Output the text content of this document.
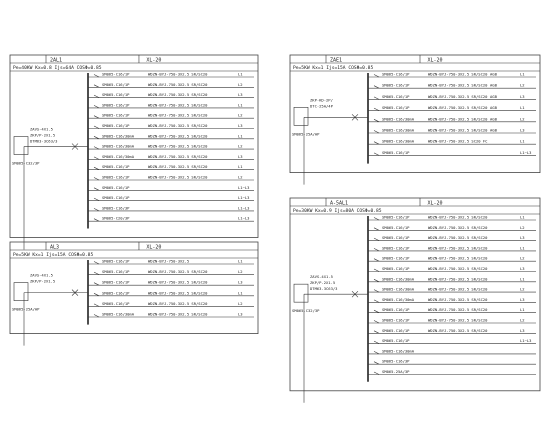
ZAE1	XL-20
Pe=5KW Kx=1 Ijs=15A COSΦ=0.85
ZKP-KD-2P/
DTC-25A/4P
SM065-25A/AP
SM065-C16/1P	WDZN-BYJ-750-3X2.5 SR/SC20 AGB	L1
SM065-C16/1P	WDZN-BYJ-750-3X2.5 SR/SC20 AGB	L2
SM065-C16/1P	WDZN-BYJ-750-3X2.5 SR/SC20 AGB	L3
SM065-C16/1P	WDZN-BYJ-750-3X2.5 SR/SC20 AGB	L1
SM065-C16/30mA	WDZN-BYJ-750-3X2.5 SR/SC20 AGB	L2
SM065-C16/30mA	WDZN-BYJ-750-3X2.5 SR/SC20 AGB	L3
SM065-C16/30mA	WDZN-BYJ-750-3X2.5 SC20 FC	L1
SM065-C16/1P	L1~L3
2AL1	XL-20
Pe=40KW Kx=0.8 Ijs=64A COSΦ=0.85
ZAVS-4X1.5
ZKP/P-2X1.5
DTM63-3C63/3
SM065-C32/3P
SM065-C16/1P	WDZN-BYJ-750-3X2.5 SR/SC20	L1
SM065-C16/1P	WDZN-BYJ-750-3X2.5 SR/SC20	L2
SM065-C16/1P	WDZN-BYJ-750-3X2.5 SR/SC20	L3
SM065-C16/1P	WDZN-BYJ-750-3X2.5 SR/SC20	L1
SM065-C16/1P	WDZN-BYJ-750-3X2.5 SR/SC20	L2
SM065-C16/1P	WDZN-BYJ-750-3X2.5 SR/SC20	L3
SM065-C16/30mA	WDZN-BYJ-750-3X2.5 SR/SC20	L1
SM065-C16/30mA	WDZN-BYJ-750-3X2.5 SR/SC20	L2
SM065-C16/30mA	WDZN-BYJ-750-3X2.5 SR/SC20	L3
SM065-C16/1P	WDZN-BYJ-750-3X2.5 SR/SC20	L1
SM065-C16/1P	WDZN-BYJ-750-3X2.5 SR/SC20	L2
SM065-C16/1P	L1~L3
SM065-C16/1P	L1~L3
SM065-C16/3P	L1~L3
SM065-C20/3P	L1~L3
AL3	XL-20
Pe=5KW Kx=1 Ijs=15A COSΦ=0.85
ZAVS-4X1.5
ZKP/P-2X1.5
SM065-25A/AP
SM065-C16/1P	WDZN-BYJ-750-3X2.5	L1
SM065-C16/1P	WDZN-BYJ-750-3X2.5 SR/SC20	L2
SM065-C16/1P	WDZN-BYJ-750-3X2.5 SR/SC20	L3
SM065-C16/1P	WDZN-BYJ-750-3X2.5 SR/SC20	L1
SM065-C16/1P	WDZN-BYJ-750-3X2.5 SR/SC20	L2
SM065-C16/30mA	WDZN-BYJ-750-3X2.5 SR/SC20	L3
A-5AL1	XL-20
Pe=30KW Kx=0.9 Ijs=80A COSΦ=0.85
ZAVS-4X1.5
ZKP/P-2X1.5
DTM63-3C63/3
SM065-C32/3P
SM065-C16/1P	WDZN-BYJ-750-3X2.5 SR/SC20	L1
SM065-C16/1P	WDZN-BYJ-750-3X2.5 SR/SC20	L2
SM065-C16/1P	WDZN-BYJ-750-3X2.5 SR/SC20	L3
SM065-C16/1P	WDZN-BYJ-750-3X2.5 SR/SC20	L1
SM065-C16/1P	WDZN-BYJ-750-3X2.5 SR/SC20	L2
SM065-C16/1P	WDZN-BYJ-750-3X2.5 SR/SC20	L3
SM065-C16/30mA	WDZN-BYJ-750-3X2.5 SR/SC20	L1
SM065-C16/30mA	WDZN-BYJ-750-3X2.5 SR/SC20	L2
SM065-C16/30mA	WDZN-BYJ-750-3X2.5 SR/SC20	L3
SM065-C16/1P	WDZN-BYJ-750-3X2.5 SR/SC20	L1
SM065-C16/1P	WDZN-BYJ-750-3X2.5 SR/SC20	L2
SM065-C16/1P	WDZN-BYJ-750-3X2.5 SR/SC20	L3
SM065-C16/1P	L1~L3
SM065-C16/30mA
SM065-C16/3P
SM065-25A/3P
